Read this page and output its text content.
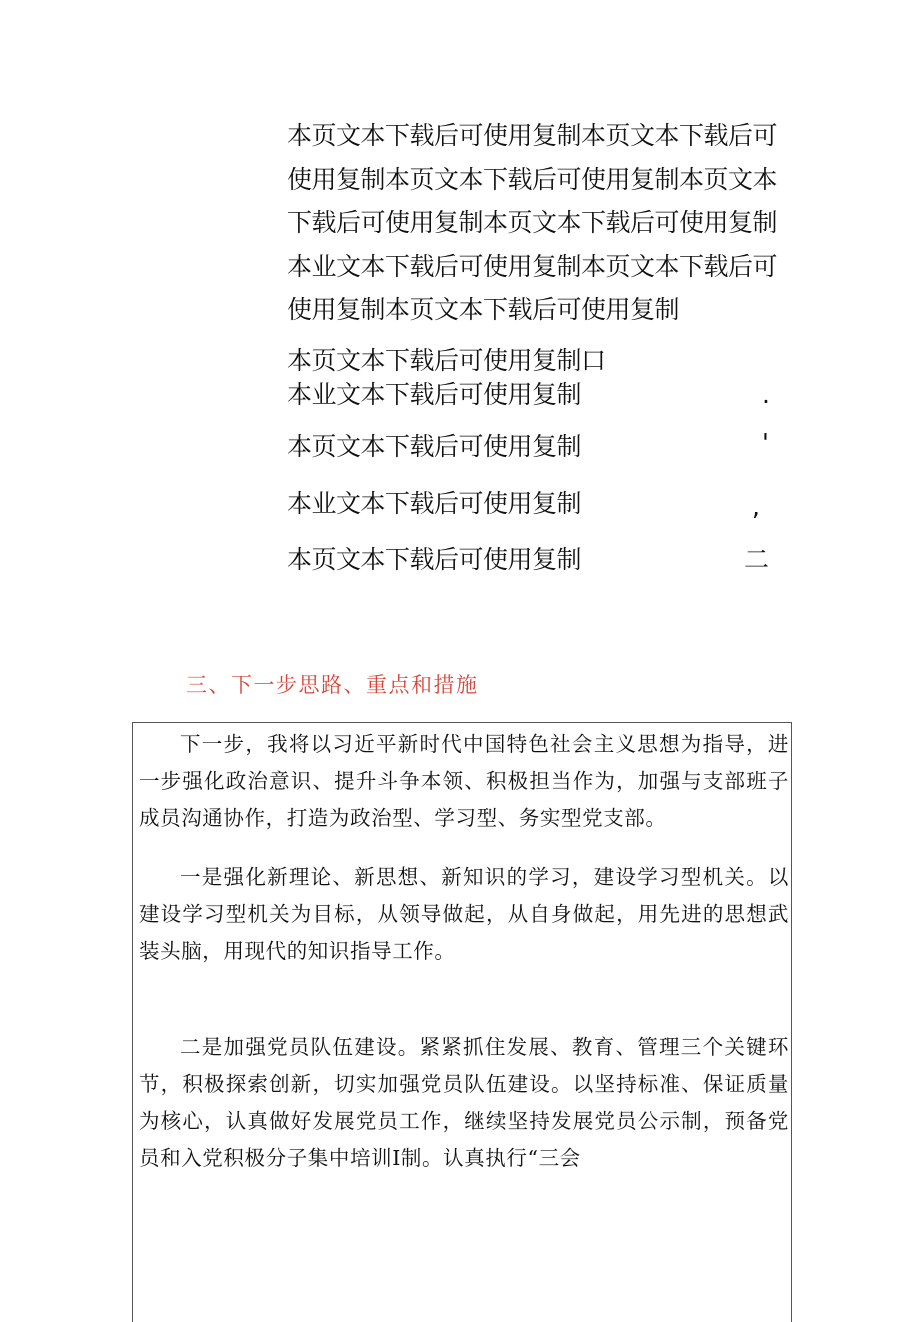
本页文本下载后可使用复制本页文本下载后可
使用复制本页文本下载后可使用复制本页文本
下载后可使用复制本页文本下载后可使用复制
本业文本下载后可使用复制本页文本下载后可
使用复制本页文本下载后可使用复制
本页文本下载后可使用复制口
本业文本下载后可使用复制	.
本页文本下载后可使用复制	'
本业文本下载后可使用复制	,
本页文本下载后可使用复制	二
三、下一步思路、重点和措施

下一步，我将以习近平新时代中国特色社会主义思想为指导，进一步强化政治意识、提升斗争本领、积极担当作为，加强与支部班子成员沟通协作，打造为政治型、学习型、务实型党支部。

一是强化新理论、新思想、新知识的学习，建设学习型机关。以建设学习型机关为目标，从领导做起，从自身做起，用先进的思想武装头脑，用现代的知识指导工作。

二是加强党员队伍建设。紧紧抓住发展、教育、管理三个关键环节，积极探索创新，切实加强党员队伍建设。以坚持标准、保证质量为核心，认真做好发展党员工作，继续坚持发展党员公示制，预备党员和入党积极分子集中培训I制。认真执行“三会
